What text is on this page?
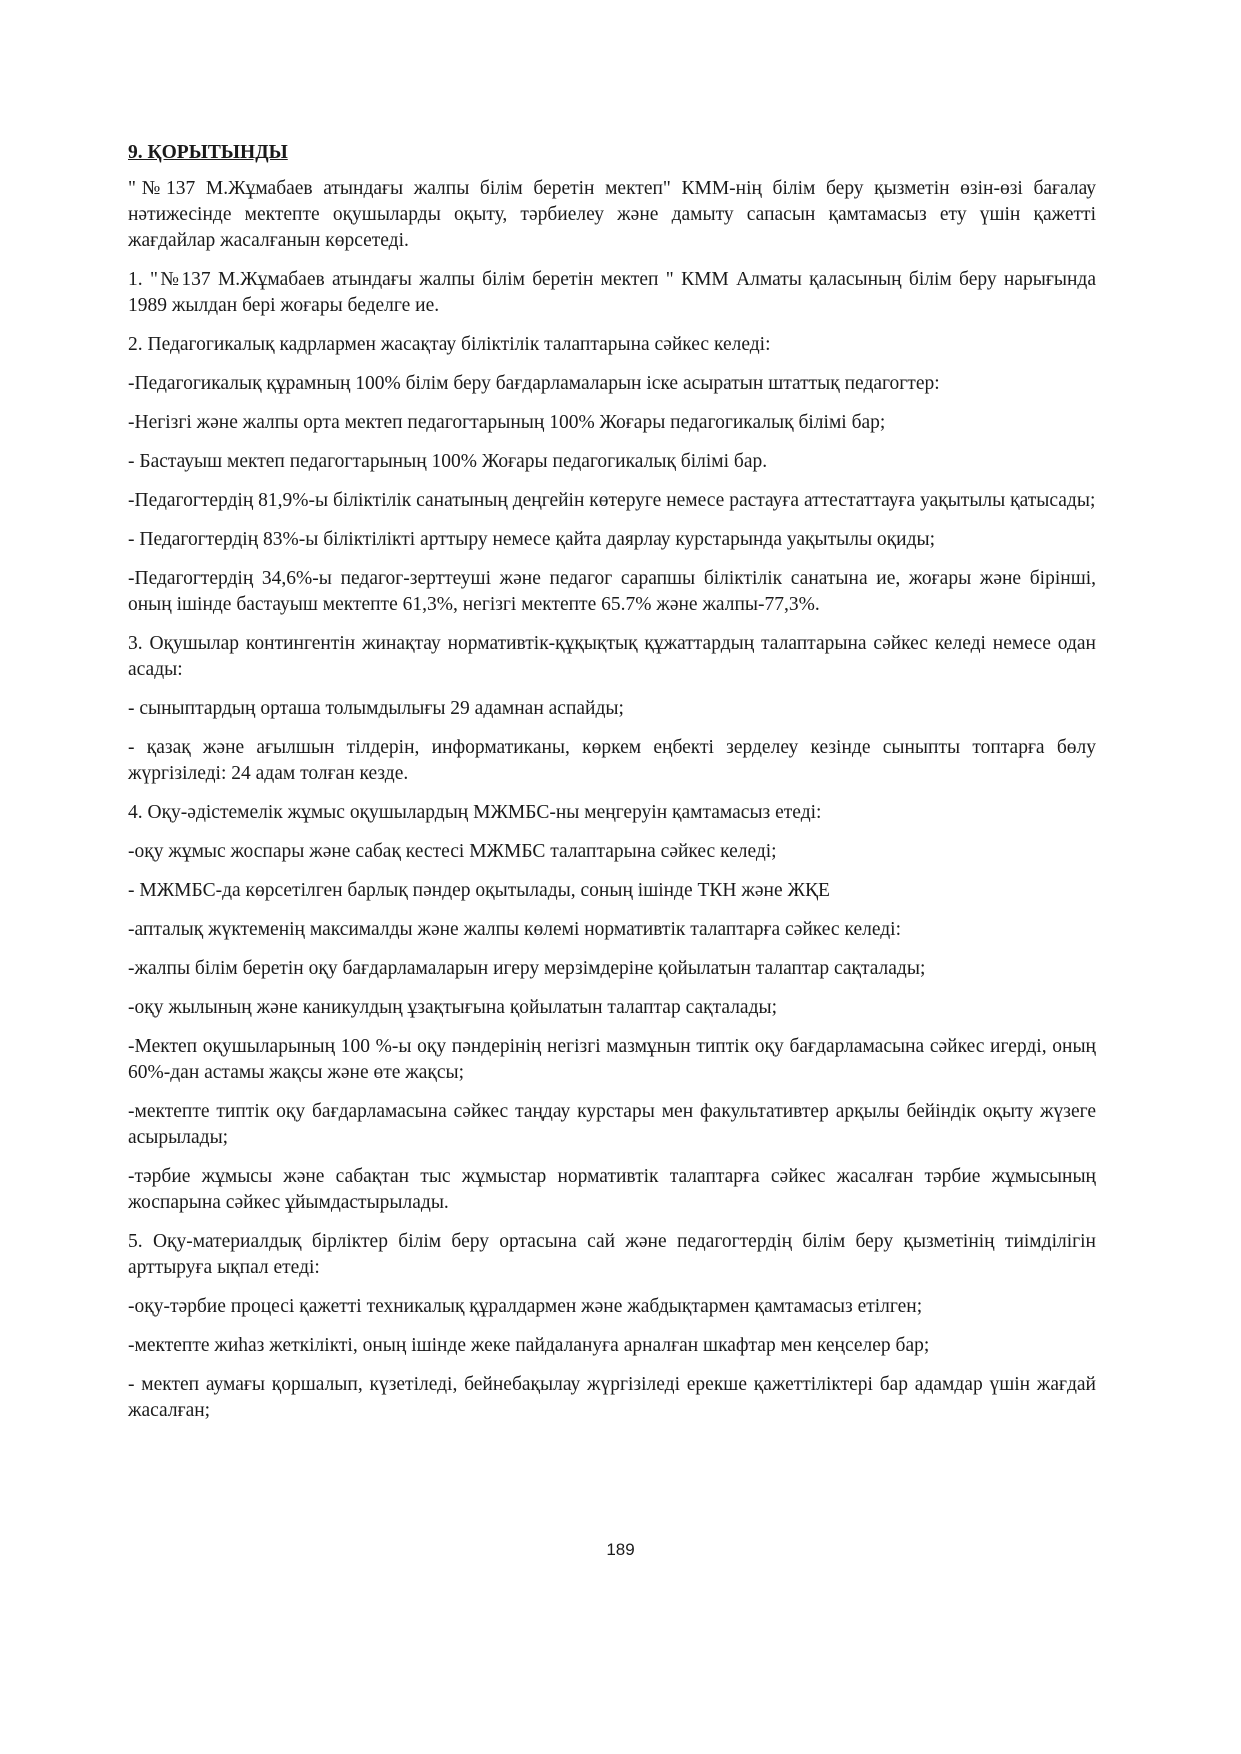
9. ҚОРЫТЫНДЫ

"№137 М.Жұмабаев атындағы жалпы білім беретін мектеп" КММ-нің білім беру қызметін өзін-өзі бағалау нәтижесінде мектепте оқушыларды оқыту, тәрбиелеу және дамыту сапасын қамтамасыз ету үшін қажетті жағдайлар жасалғанын көрсетеді.

1. "№137 М.Жұмабаев атындағы жалпы білім беретін мектеп " КММ Алматы қаласының білім беру нарығында 1989 жылдан бері жоғары беделге ие.

2. Педагогикалық кадрлармен жасақтау біліктілік талаптарына сәйкес келеді:

-Педагогикалық құрамның 100% білім беру бағдарламаларын іске асыратын штаттық педагогтер:

-Негізгі және жалпы орта мектеп педагогтарының 100% Жоғары педагогикалық білімі бар;

- Бастауыш мектеп педагогтарының 100% Жоғары педагогикалық білімі бар.

-Педагогтердің 81,9%-ы біліктілік санатының деңгейін көтеруге немесе растауға аттестаттауға уақытылы қатысады;

- Педагогтердің 83%-ы біліктілікті арттыру немесе қайта даярлау курстарында уақытылы оқиды;

-Педагогтердің 34,6%-ы педагог-зерттеуші және педагог сарапшы біліктілік санатына ие, жоғары және бірінші, оның ішінде бастауыш мектепте 61,3%, негізгі мектепте 65.7% және жалпы-77,3%.

3. Оқушылар контингентін жинақтау нормативтік-құқықтық құжаттардың талаптарына сәйкес келеді немесе одан асады:

- сыныптардың орташа толымдылығы 29 адамнан аспайды;

- қазақ және ағылшын тілдерін, информатиканы, көркем еңбекті зерделеу кезінде сыныпты топтарға бөлу жүргізіледі: 24 адам толған кезде.

4. Оқу-әдістемелік жұмыс оқушылардың МЖМБС-ны меңгеруін қамтамасыз етеді:

-оқу жұмыс жоспары және сабақ кестесі МЖМБС талаптарына сәйкес келеді;

- МЖМБС-да көрсетілген барлық пәндер оқытылады, соның ішінде ТКН және ЖҚЕ

-апталық жүктеменің максималды және жалпы көлемі нормативтік талаптарға сәйкес келеді:

-жалпы білім беретін оқу бағдарламаларын игеру мерзімдеріне қойылатын талаптар сақталады;

-оқу жылының және каникулдың ұзақтығына қойылатын талаптар сақталады;

-Мектеп оқушыларының 100 %-ы оқу пәндерінің негізгі мазмұнын типтік оқу бағдарламасына сәйкес игерді, оның 60%-дан астамы жақсы және өте жақсы;

-мектепте типтік оқу бағдарламасына сәйкес таңдау курстары мен факультативтер арқылы бейіндік оқыту жүзеге асырылады;

-тәрбие жұмысы және сабақтан тыс жұмыстар нормативтік талаптарға сәйкес жасалған тәрбие жұмысының жоспарына сәйкес ұйымдастырылады.

5. Оқу-материалдық бірліктер білім беру ортасына сай және педагогтердің білім беру қызметінің тиімділігін арттыруға ықпал етеді:

-оқу-тәрбие процесі қажетті техникалық құралдармен және жабдықтармен қамтамасыз етілген;

-мектепте жиһаз жеткілікті, оның ішінде жеке пайдалануға арналған шкафтар мен кеңселер бар;

- мектеп аумағы қоршалып, күзетіледі, бейнебақылау жүргізіледі ерекше қажеттіліктері бар адамдар үшін жағдай жасалған;

189
